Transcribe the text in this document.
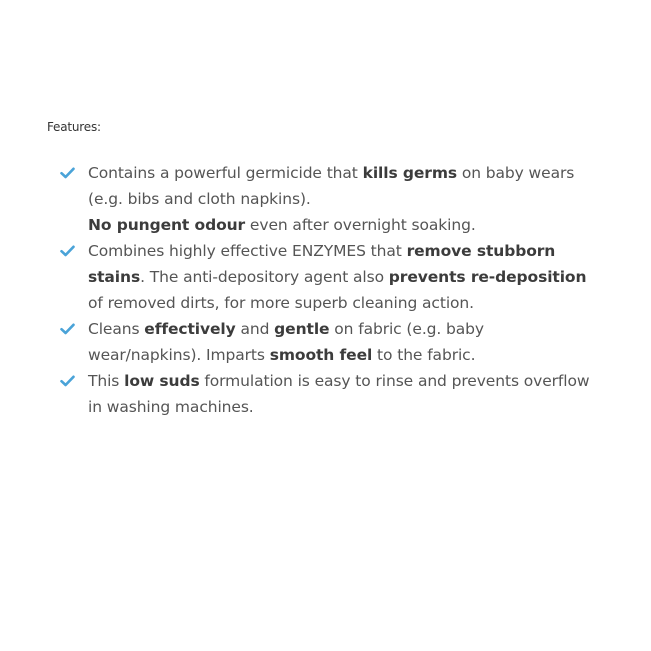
Features:
Contains a powerful germicide that kills germs on baby wears (e.g. bibs and cloth napkins).
No pungent odour even after overnight soaking.
Combines highly effective ENZYMES that remove stubborn stains. The anti-depository agent also prevents re-deposition of removed dirts, for more superb cleaning action.
Cleans effectively and gentle on fabric (e.g. baby wear/napkins). Imparts smooth feel to the fabric.
This low suds formulation is easy to rinse and prevents overflow in washing machines.
